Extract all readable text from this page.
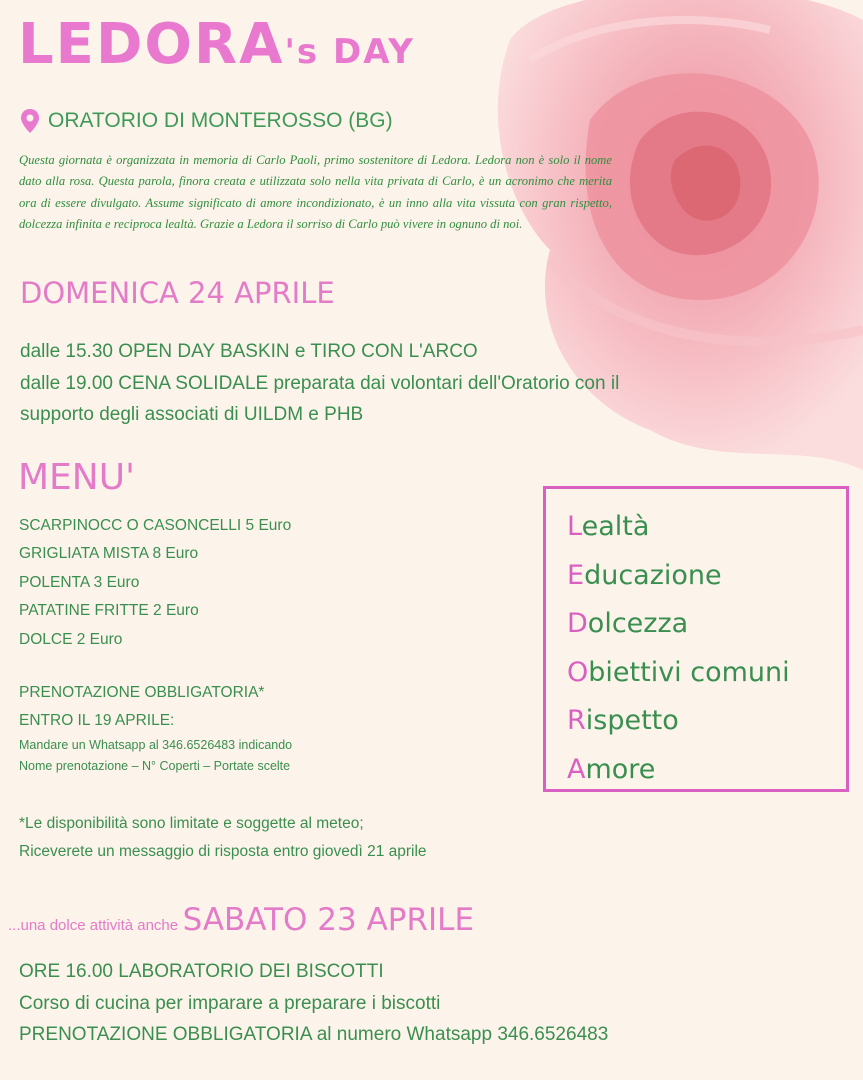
LEDORA's DAY
ORATORIO DI MONTEROSSO (BG)

Questa giornata è organizzata in memoria di Carlo Paoli, primo sostenitore di Ledora. Ledora non è solo il nome dato alla rosa. Questa parola, finora creata e utilizzata solo nella vita privata di Carlo, è un acronimo che merita ora di essere divulgato. Assume significato di amore incondizionato, è un inno alla vita vissuta con gran rispetto, dolcezza infinita e reciproca lealtà. Grazie a Ledora il sorriso di Carlo può vivere in ognuno di noi.

DOMENICA 24 APRILE
dalle 15.30 OPEN DAY BASKIN e TIRO CON L'ARCO
dalle 19.00 CENA SOLIDALE preparata dai volontari dell'Oratorio con il
supporto degli associati di UILDM e PHB
MENU'
SCARPINOCC O CASONCELLI 5 Euro
GRIGLIATA MISTA 8 Euro
POLENTA 3 Euro
PATATINE FRITTE 2 Euro
DOLCE 2 Euro
PRENOTAZIONE OBBLIGATORIA*
ENTRO IL 19 APRILE:
Mandare un Whatsapp al 346.6526483 indicando
Nome prenotazione – N° Coperti – Portate scelte

*Le disponibilità sono limitate e soggette al meteo;
Riceverete un messaggio di risposta entro giovedì 21 aprile

...una dolce attività anche SABATO 23 APRILE
ORE 16.00 LABORATORIO DEI BISCOTTI
Corso di cucina per imparare a preparare i biscotti
PRENOTAZIONE OBBLIGATORIA al numero Whatsapp 346.6526483
Lealtà
Educazione
Dolcezza
Obiettivi comuni
Rispetto
Amore
